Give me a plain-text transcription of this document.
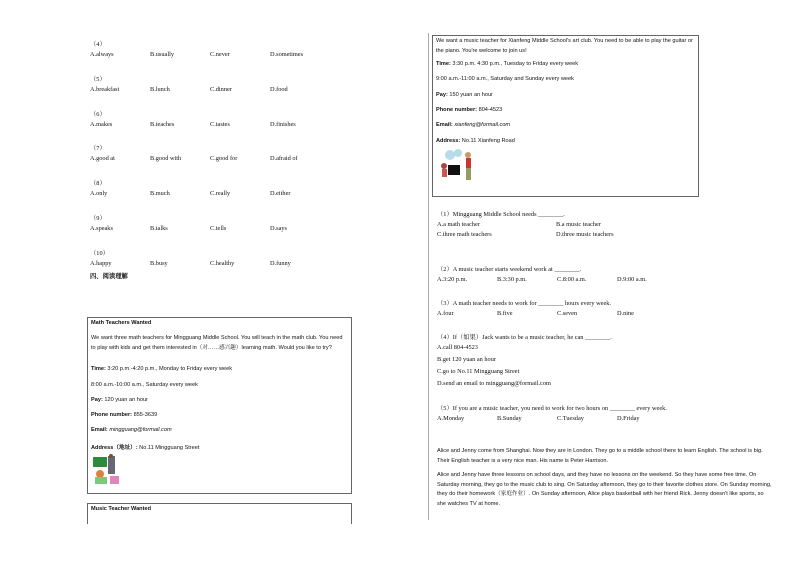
（4）
A.always	B.usually	C.never	D.sometimes
（5）
A.breakfast	B.lunch	C.dinner	D.food
（6）
A.makes	B.teaches	C.tastes	D.finishes
（7）
A.good at	B.good with	C.good for	D.afraid of
（8）
A.only	B.much	C.really	D.either
（9）
A.speaks	B.talks	C.tells	D.says
（10）
A.happy	B.busy	C.healthy	D.funny
四、阅读理解
Math Teachers Wanted
We want three math teachers for Mingguang Middle School. You will teach in the math club. You need to play with kids and get them interested in（对……感兴趣）learning math. Would you like to try?
Time: 3:20 p.m.-4:20 p.m., Monday to Friday every week
8:00 a.m.-10:00 a.m., Saturday every week
Pay: 120 yuan an hour
Phone number: 855-3639
Email: mingguang@formail.com
Address（地址）: No.11 Mingguang Street
Music Teacher Wanted
We want a music teacher for Xianfeng Middle School's art club. You need to be able to play the guitar or the piano. You're welcome to join us!
Time: 3:30 p.m. 4:30 p.m., Tuesday to Friday every week
9:00 a.m.-11:00 a.m., Saturday and Sunday every week
Pay: 150 yuan an hour
Phone number: 804-4523
Email: xianfeng@formail.com
Address: No.11 Xianfeng Road
（1）Mingguang Middle School needs ________.
A.a math teacher	B.a music teacher
C.three math teachers	D.three music teachers
（2）A music teacher starts weekend work at ________.
A.3:20 p.m.	B.3:30 p.m.	C.8:00 a.m.	D.9:00 a.m.
（3）A math teacher needs to work for ________ hours every week.
A.four	B.five	C.seven	D.nine
（4）If（如果）Jack wants to be a music teacher, he can ________.
A.call 804-4523
B.get 120 yuan an hour
C.go to No.11 Mingguang Street
D.send an email to mingguang@formail.com
（5）If you are a music teacher, you need to work for two hours on ________ every week.
A.Monday	B.Sunday	C.Tuesday	D.Friday
Alice and Jenny come from Shanghai. Now they are in London. They go to a middle school there to learn English. The school is big. Their English teacher is a very nice man. His name is Peter Harrison.
Alice and Jenny have three lessons on school days, and they have no lessons on the weekend. So they have some free time. On Saturday morning, they go to the music club to sing. On Saturday afternoon, they go to their favorite clothes store. On Sunday morning, they do their homework（家庭作业）. On Sunday afternoon, Alice plays basketball with her friend Rick. Jenny doesn't like sports, so she watches TV at home.
